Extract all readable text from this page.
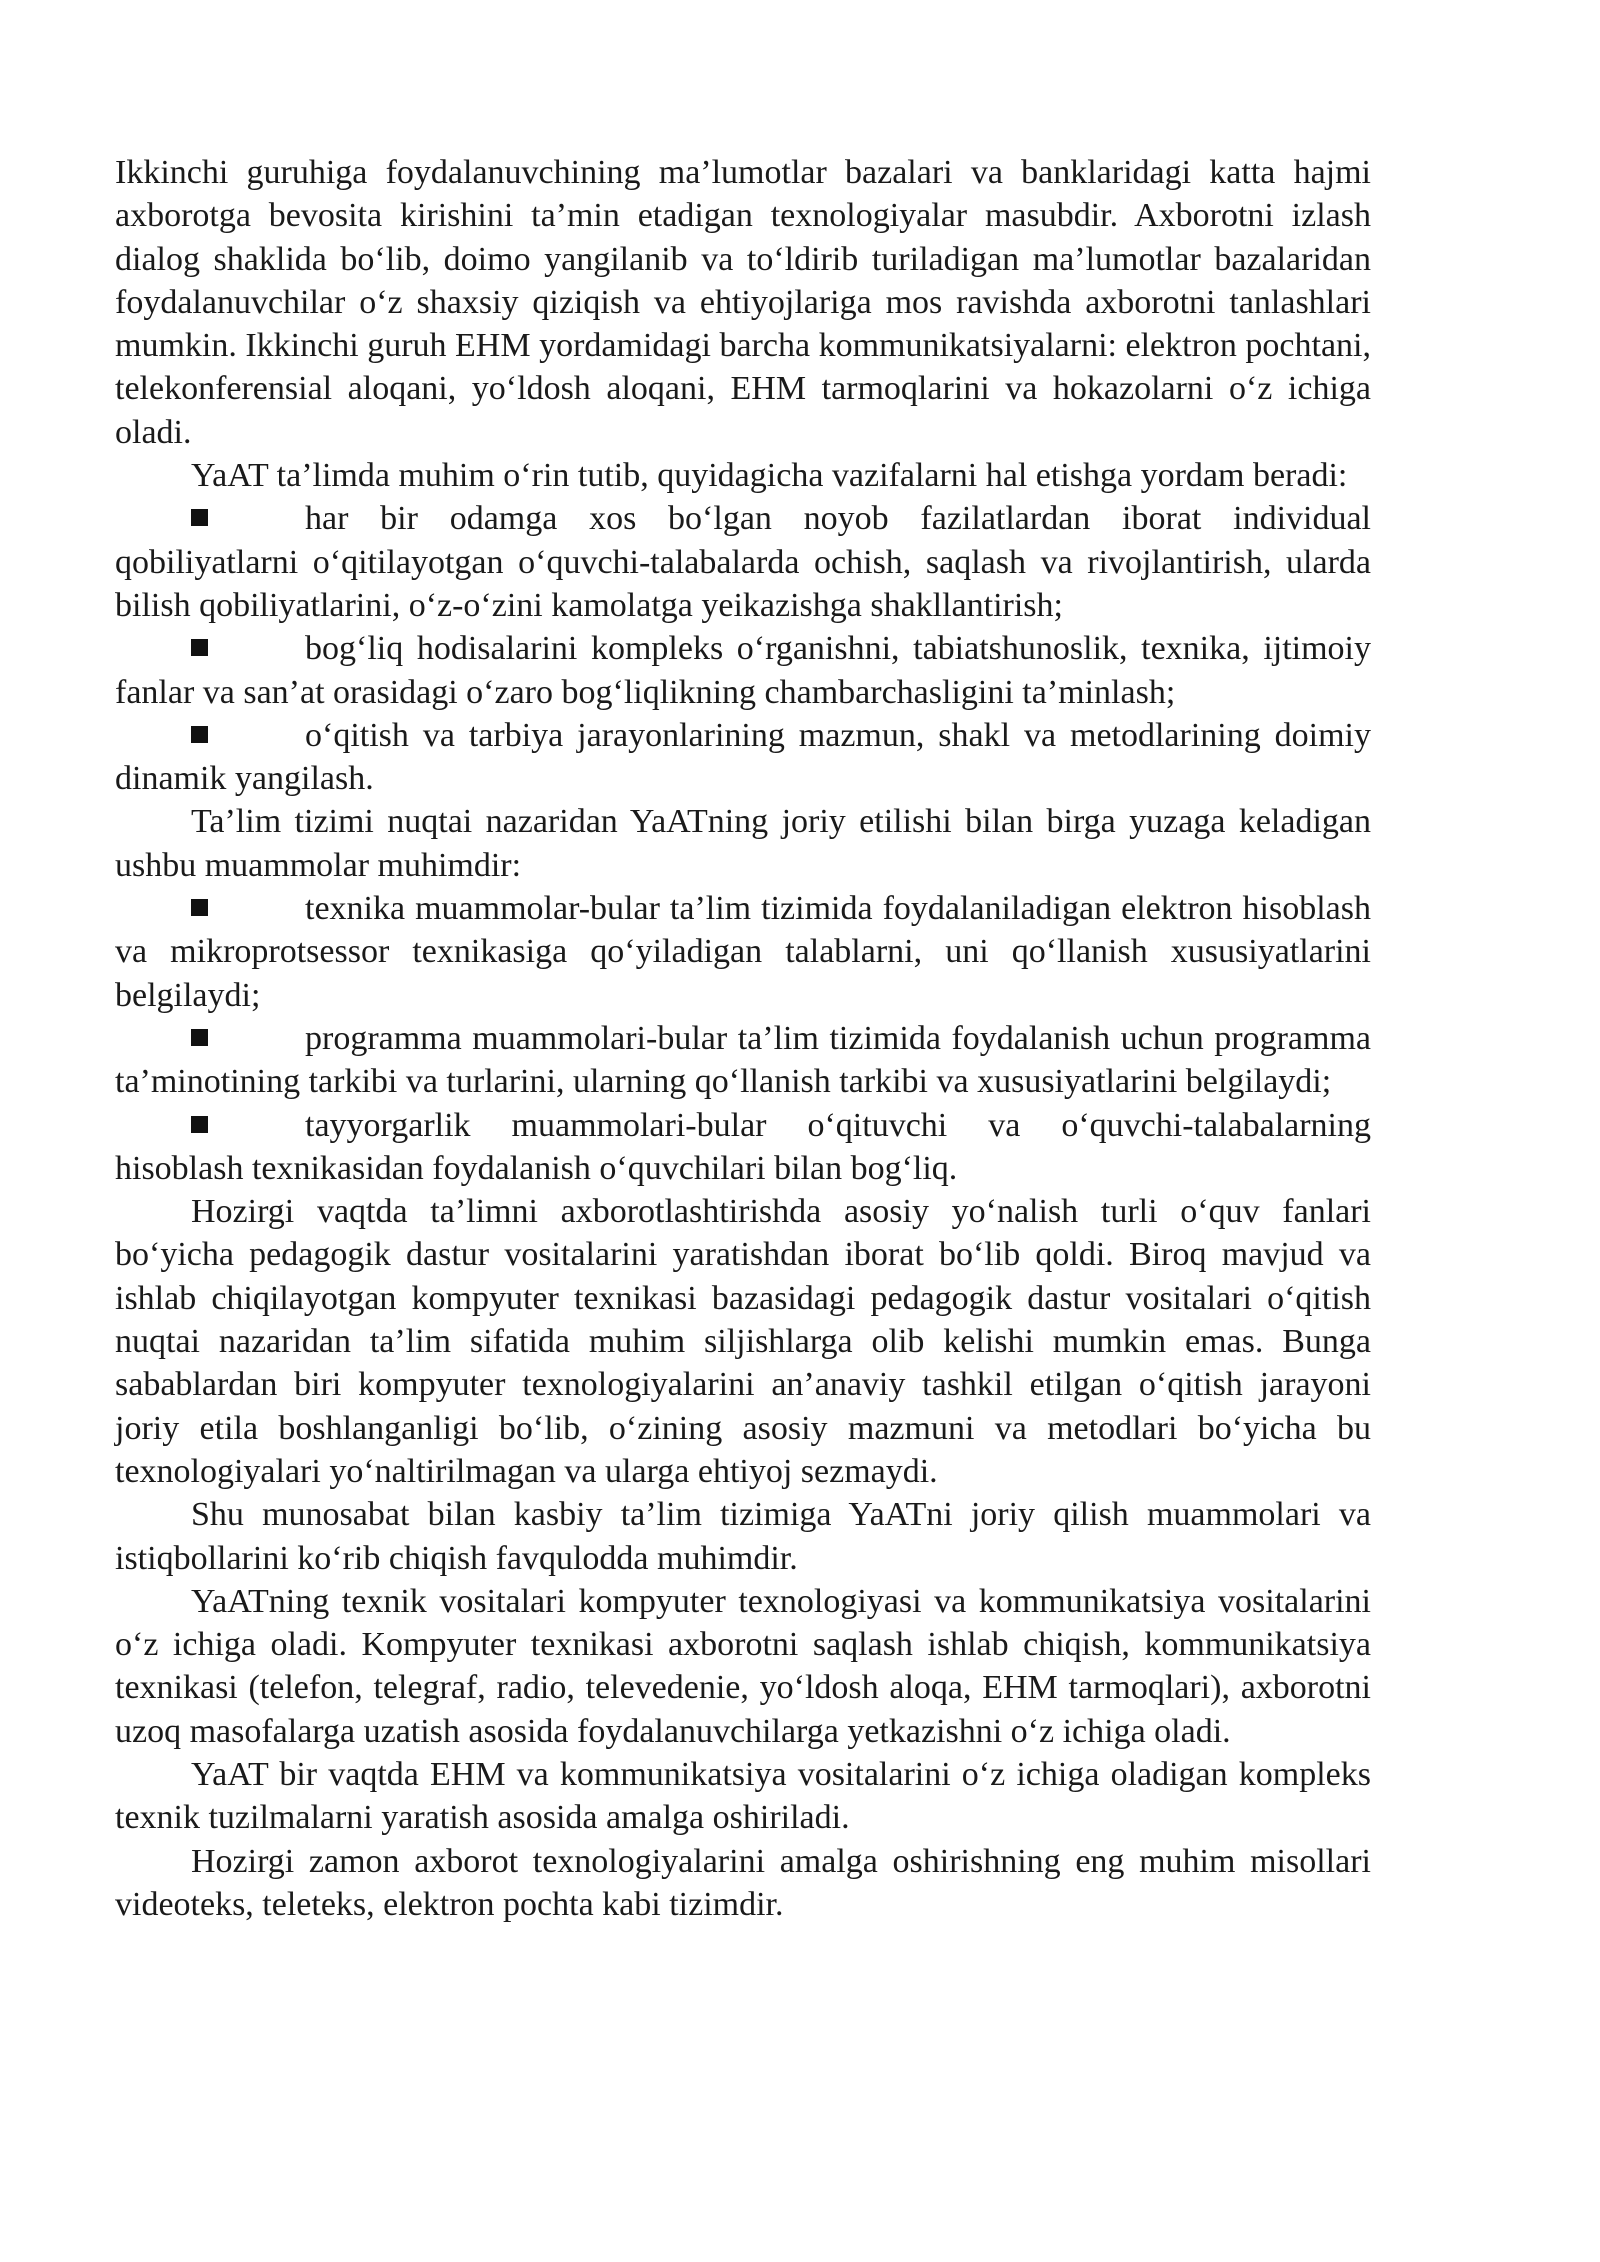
Ikkinchi guruhiga foydalanuvchining ma’lumotlar bazalari va banklaridagi katta hajmi axborotga bevosita kirishini ta’min etadigan texnologiyalar masubdir. Axborotni izlash dialog shaklida bo‘lib, doimo yangilanib va to‘ldirib turiladigan ma’lumotlar bazalaridan foydalanuvchilar o‘z shaxsiy qiziqish va ehtiyojlariga mos ravishda axborotni tanlashlari mumkin. Ikkinchi guruh EHM yordamidagi barcha kommunikatsiyalarni: elektron pochtani, telekonferensial aloqani, yo‘ldosh aloqani, EHM tarmoqlarini va hokazolarni o‘z ichiga oladi.

YaAT ta’limda muhim o‘rin tutib, quyidagicha vazifalarni hal etishga yordam beradi:

har bir odamga xos bo‘lgan noyob fazilatlardan iborat individual qobiliyatlarni o‘qitilayotgan o‘quvchi-talabalarda ochish, saqlash va rivojlantirish, ularda bilish qobiliyatlarini, o‘z-o‘zini kamolatga yeikazishga shakllantirish;

bog‘liq hodisalarini kompleks o‘rganishni, tabiatshunoslik, texnika, ijtimoiy fanlar va san’at orasidagi o‘zaro bog‘liqlikning chambarchasligini ta’minlash;

o‘qitish va tarbiya jarayonlarining mazmun, shakl va metodlarining doimiy dinamik yangilash.

Ta’lim tizimi nuqtai nazaridan YaATning joriy etilishi bilan birga yuzaga keladigan ushbu muammolar muhimdir:

texnika muammolar-bular ta’lim tizimida foydalaniladigan elektron hisoblash va mikroprotsessor texnikasiga qo‘yiladigan talablarni, uni qo‘llanish xususiyatlarini belgilaydi;

programma muammolari-bular ta’lim tizimida foydalanish uchun programma ta’minotining tarkibi va turlarini, ularning qo‘llanish tarkibi va xususiyatlarini belgilaydi;

tayyorgarlik muammolari-bular o‘qituvchi va o‘quvchi-talabalarning hisoblash texnikasidan foydalanish o‘quvchilari bilan bog‘liq.

Hozirgi vaqtda ta’limni axborotlashtirishda asosiy yo‘nalish turli o‘quv fanlari bo‘yicha pedagogik dastur vositalarini yaratishdan iborat bo‘lib qoldi. Biroq mavjud va ishlab chiqilayotgan kompyuter texnikasi bazasidagi pedagogik dastur vositalari o‘qitish nuqtai nazaridan ta’lim sifatida muhim siljishlarga olib kelishi mumkin emas. Bunga sabablardan biri kompyuter texnologiyalarini an’anaviy tashkil etilgan o‘qitish jarayoni joriy etila boshlanganligi bo‘lib, o‘zining asosiy mazmuni va metodlari bo‘yicha bu texnologiyalari yo‘naltirilmagan va ularga ehtiyoj sezmaydi.

Shu munosabat bilan kasbiy ta’lim tizimiga YaATni joriy qilish muammolari va istiqbollarini ko‘rib chiqish favqulodda muhimdir.

YaATning texnik vositalari kompyuter texnologiyasi va kommunikatsiya vositalarini o‘z ichiga oladi. Kompyuter texnikasi axborotni saqlash ishlab chiqish, kommunikatsiya texnikasi (telefon, telegraf, radio, televedenie, yo‘ldosh aloqa, EHM tarmoqlari), axborotni uzoq masofalarga uzatish asosida foydalanuvchilarga yetkazishni o‘z ichiga oladi.

YaAT bir vaqtda EHM va kommunikatsiya vositalarini o‘z ichiga oladigan kompleks texnik tuzilmalarni yaratish asosida amalga oshiriladi.

Hozirgi zamon axborot texnologiyalarini amalga oshirishning eng muhim misollari videoteks, teleteks, elektron pochta kabi tizimdir.
